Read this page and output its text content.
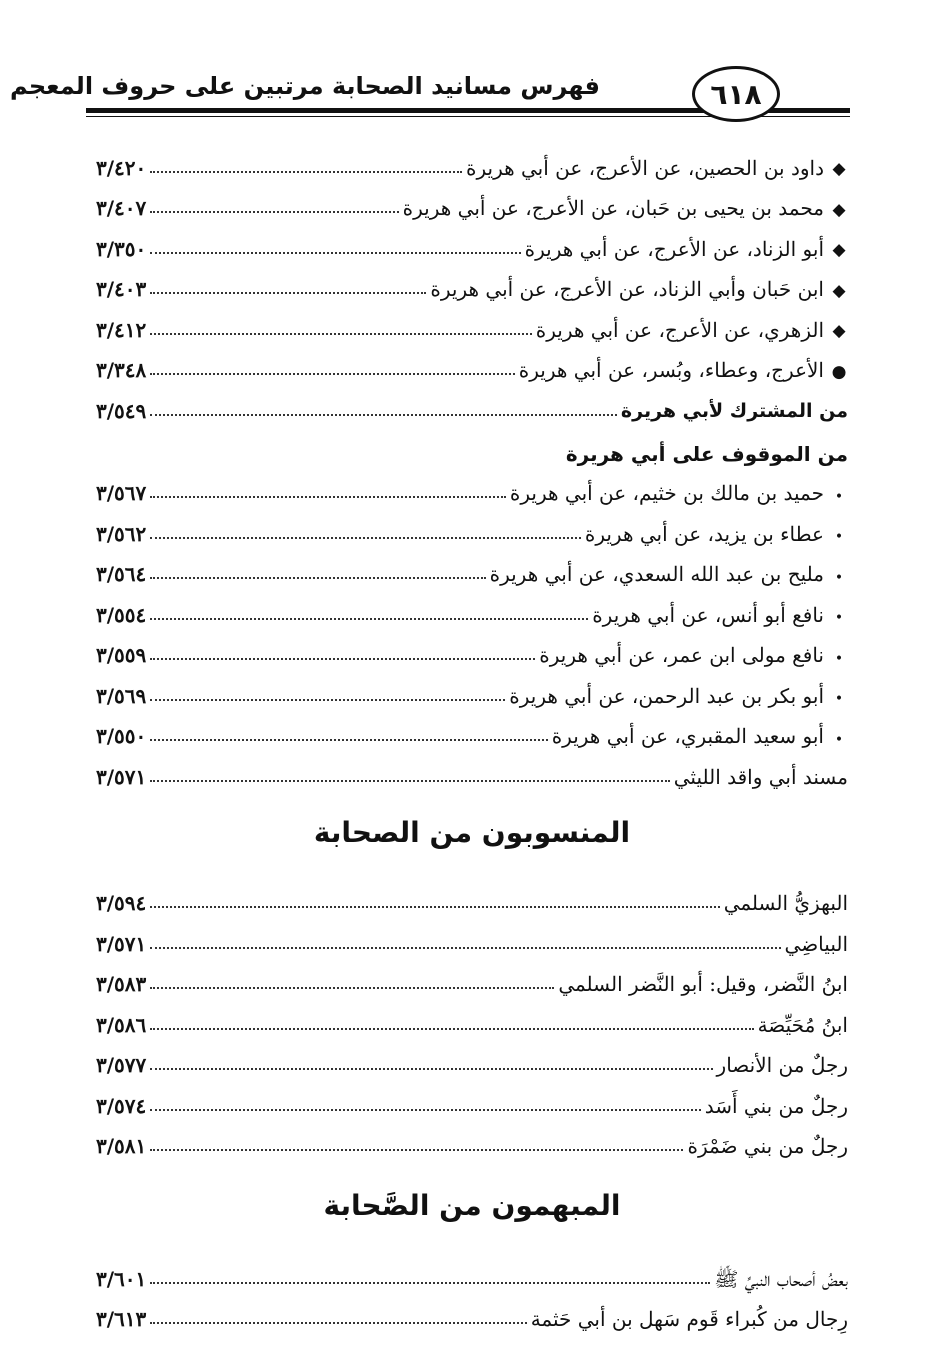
فهرس مسانيد الصحابة مرتبين على حروف المعجم	٦١٨
◆
داود بن الحصين، عن الأعرج، عن أبي هريرة
٣/٤٢٠
◆
محمد بن يحيى بن حَبان، عن الأعرج، عن أبي هريرة
٣/٤٠٧
◆
أبو الزناد، عن الأعرج، عن أبي هريرة
٣/٣٥٠
◆
ابن حَبان وأبي الزناد، عن الأعرج، عن أبي هريرة
٣/٤٠٣
◆
الزهري، عن الأعرج، عن أبي هريرة
٣/٤١٢
●
الأعرج، وعطاء، وبُسر، عن أبي هريرة
٣/٣٤٨
من المشترك لأبي هريرة
٣/٥٤٩
من الموقوف على أبي هريرة
•
حميد بن مالك بن خثيم، عن أبي هريرة
٣/٥٦٧
•
عطاء بن يزيد، عن أبي هريرة
٣/٥٦٢
•
مليح بن عبد الله السعدي، عن أبي هريرة
٣/٥٦٤
•
نافع أبو أنس، عن أبي هريرة
٣/٥٥٤
•
نافع مولى ابن عمر، عن أبي هريرة
٣/٥٥٩
•
أبو بكر بن عبد الرحمن، عن أبي هريرة
٣/٥٦٩
•
أبو سعيد المقبري، عن أبي هريرة
٣/٥٥٠
مسند أبي واقد الليثي
٣/٥٧١
المنسوبون من الصحابة
البهزيُّ السلمي
٣/٥٩٤
البياضِي
٣/٥٧١
ابنُ النَّضر، وقيل: أبو النَّضر السلمي
٣/٥٨٣
ابنُ مُحَيِّصَة
٣/٥٨٦
رجلٌ من الأنصار
٣/٥٧٧
رجلٌ من بني أَسَد
٣/٥٧٤
رجلٌ من بني ضَمْرَة
٣/٥٨١
المبهمون من الصَّحابة
بعضُ أصحاب النبيِّ ﷺ
٣/٦٠١
رِجال من كُبراء قَوم سَهل بن أبي حَثمة
٣/٦١٣
